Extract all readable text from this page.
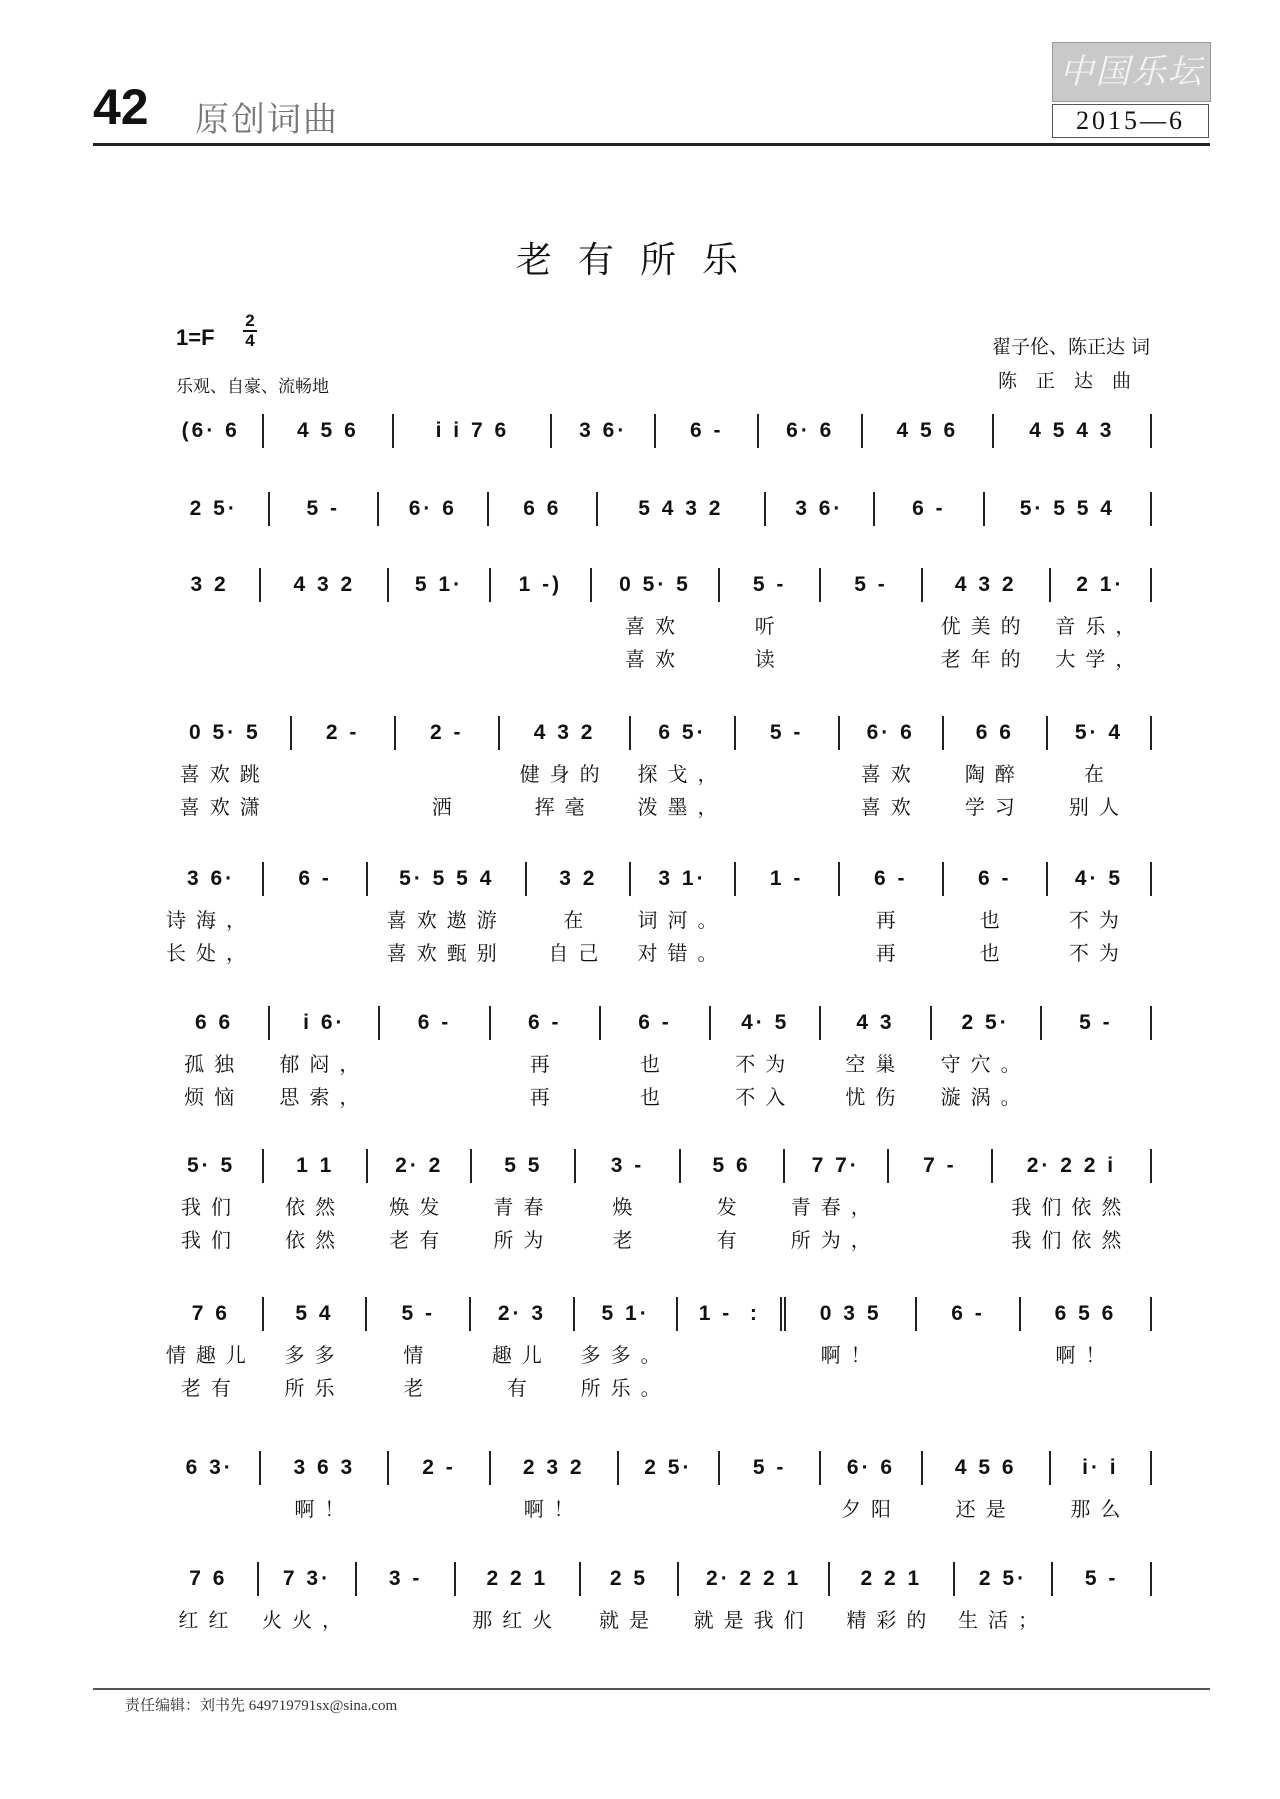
42 原创词曲
中国乐坛
2015—6
老有所乐
1=F
2
4
乐观、自豪、流畅地
翟子伦、陈正达 词
陈正达曲
(6· 6	4 5 6	i i 7 6	3 6·	6 -	6· 6	4 5 6	4 5 4 3
2 5·	5 -	6· 6	6 6	5 4 3 2	3 6·	6 -	5· 5 5 4
3 2	4 3 2	5 1·	1 -)	0 5· 5
喜欢
喜欢
5 -
听
读
5 -	4 3 2
优美的
老年的
2 1·
音乐，
大学，
0 5· 5
喜欢跳
喜欢潇
2 -	2 -
洒
4 3 2
健身的
挥毫
6 5·
探戈，
泼墨，
5 -	6· 6
喜欢
喜欢
6 6
陶醉
学习
5· 4
在
别人
3 6·
诗海，
长处，
6 -	5· 5 5 4
喜欢遨游
喜欢甄别
3 2
在
自己
3 1·
词河。
对错。
1 -	6 -
再
再
6 -
也
也
4· 5
不为
不为
6 6
孤独
烦恼
i 6·
郁闷，
思索，
6 -	6 -
再
再
6 -
也
也
4· 5
不为
不入
4 3
空巢
忧伤
2 5·
守穴。
漩涡。
5 -
5· 5
我们
我们
1 1
依然
依然
2· 2
焕发
老有
5 5
青春
所为
3 -
焕
老
5 6
发
有
7 7·
青春，
所为，
7 -	2· 2 2 i
我们依然
我们依然
7 6
情趣儿
老有
5 4
多多
所乐
5 -
情
老
2· 3
趣儿
有
5 1·
多多。
所乐。
1 -  :	0 3 5
啊！
6 -	6 5 6
啊！
6 3·	3 6 3
啊！
2 -	2 3 2
啊！
2 5·	5 -	6· 6
夕阳
4 5 6
还是
i· i
那么
7 6
红红
7 3·
火火，
3 -	2 2 1
那红火
2 5
就是
2· 2 2 1
就是我们
2 2 1
精彩的
2 5·
生活；
5 -
责任编辑：刘书先 649719791sx@sina.com
